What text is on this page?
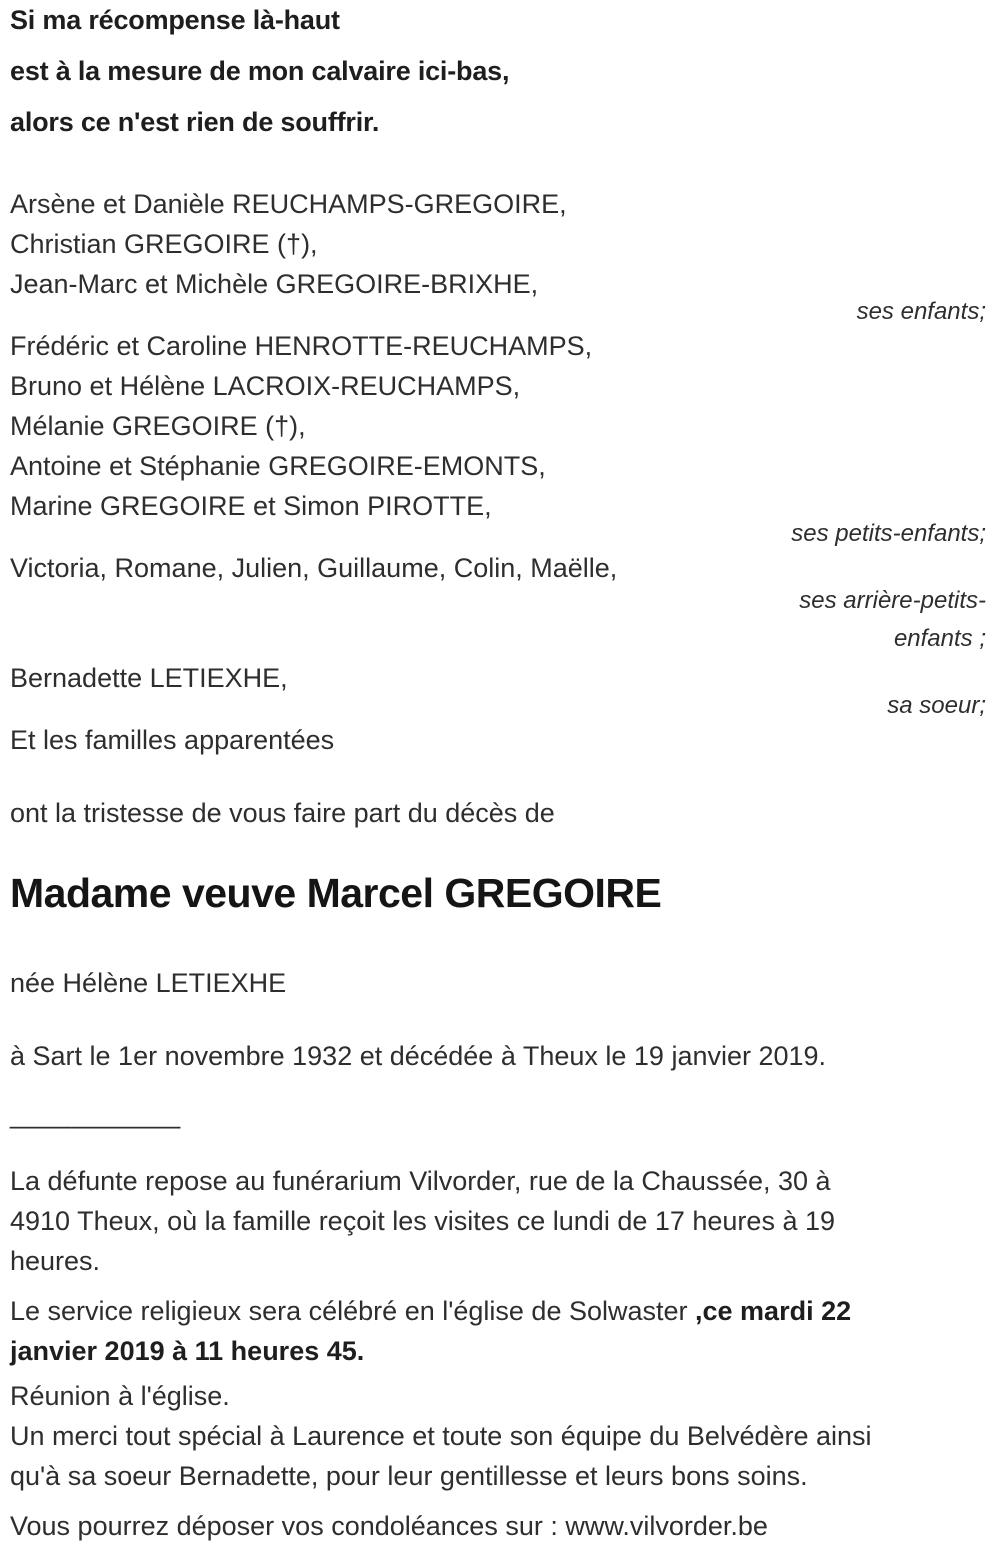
Si ma récompense là-haut

est à la mesure de mon calvaire ici-bas,

alors ce n'est rien de souffrir.

Arsène et Danièle REUCHAMPS-GREGOIRE,

Christian GREGOIRE (†),

Jean-Marc et Michèle GREGOIRE-BRIXHE,

ses enfants;

Frédéric et Caroline HENROTTE-REUCHAMPS,

Bruno et Hélène LACROIX-REUCHAMPS,

Mélanie GREGOIRE (†),

Antoine et Stéphanie GREGOIRE-EMONTS,

Marine GREGOIRE et Simon PIROTTE,

ses petits-enfants;

Victoria, Romane, Julien, Guillaume, Colin, Maëlle,

ses arrière-petits-enfants ;

Bernadette LETIEXHE,

sa soeur;

Et les familles apparentées

ont la tristesse de vous faire part du décès de

Madame veuve Marcel GREGOIRE

née Hélène LETIEXHE

à Sart le 1er novembre 1932 et décédée à Theux le 19 janvier 2019.

___________

La défunte repose au funérarium Vilvorder, rue de la Chaussée, 30 à
4910 Theux, où la famille reçoit les visites ce lundi de 17 heures à 19
heures.
Le service religieux sera célébré en l'église de Solwaster ,ce mardi 22
janvier 2019 à 11 heures 45.

Réunion à l'église.

Un merci tout spécial à Laurence et toute son équipe du Belvédère ainsi
qu'à sa soeur Bernadette, pour leur gentillesse et leurs bons soins.

Vous pourrez déposer vos condoléances sur : www.vilvorder.be
